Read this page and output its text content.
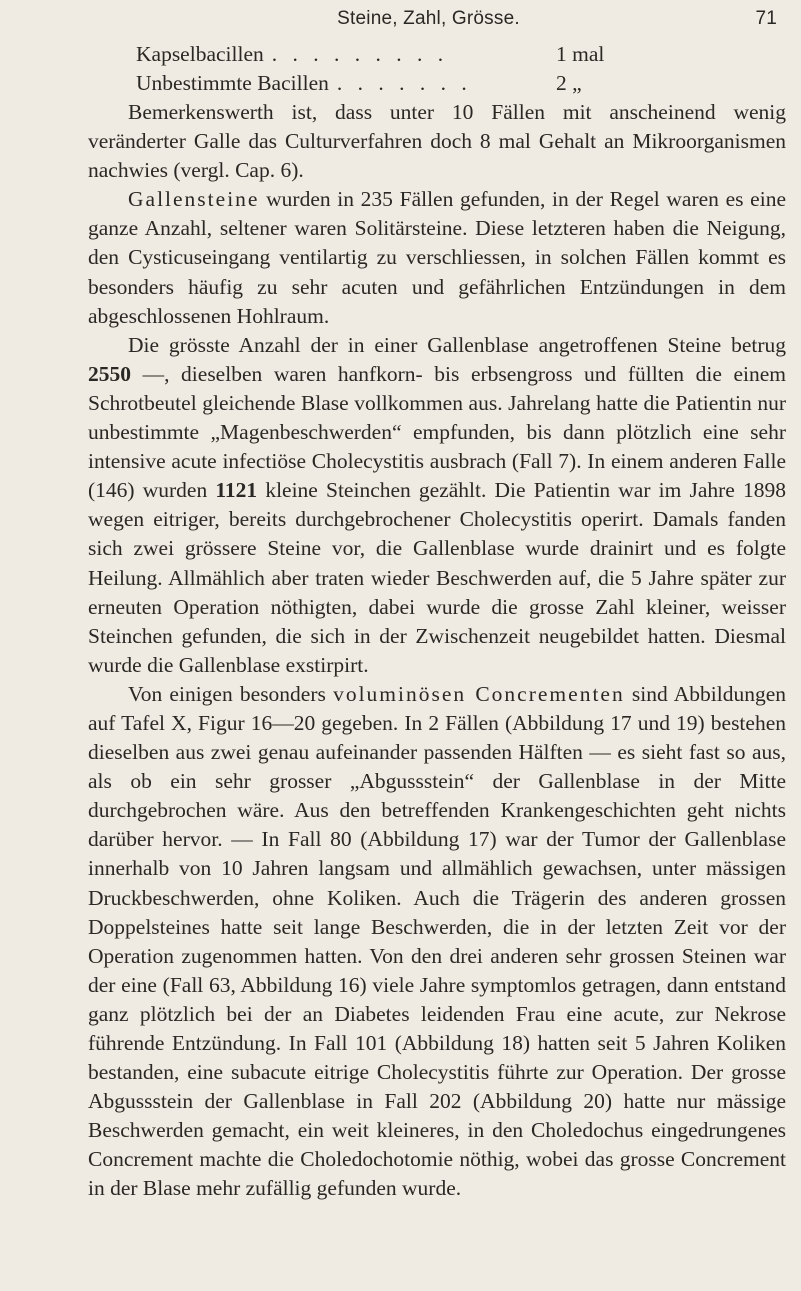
Steine, Zahl, Grösse.	71
Kapselbacillen . . . . . . . . .	1 mal
Unbestimmte Bacillen . . . . . . .	2 „

Bemerkenswerth ist, dass unter 10 Fällen mit anscheinend wenig veränderter Galle das Culturverfahren doch 8 mal Gehalt an Mikroorganismen nachwies (vergl. Cap. 6).

Gallensteine wurden in 235 Fällen gefunden, in der Regel waren es eine ganze Anzahl, seltener waren Solitärsteine. Diese letzteren haben die Neigung, den Cysticuseingang ventilartig zu verschliessen, in solchen Fällen kommt es besonders häufig zu sehr acuten und gefährlichen Entzündungen in dem abgeschlossenen Hohlraum.

Die grösste Anzahl der in einer Gallenblase angetroffenen Steine betrug 2550 —, dieselben waren hanfkorn- bis erbsengross und füllten die einem Schrotbeutel gleichende Blase vollkommen aus. Jahrelang hatte die Patientin nur unbestimmte „Magenbeschwerden“ empfunden, bis dann plötzlich eine sehr intensive acute infectiöse Cholecystitis ausbrach (Fall 7). In einem anderen Falle (146) wurden 1121 kleine Steinchen gezählt. Die Patientin war im Jahre 1898 wegen eitriger, bereits durchgebrochener Cholecystitis operirt. Damals fanden sich zwei grössere Steine vor, die Gallenblase wurde drainirt und es folgte Heilung. Allmählich aber traten wieder Beschwerden auf, die 5 Jahre später zur erneuten Operation nöthigten, dabei wurde die grosse Zahl kleiner, weisser Steinchen gefunden, die sich in der Zwischenzeit neugebildet hatten. Diesmal wurde die Gallenblase exstirpirt.

Von einigen besonders voluminösen Concrementen sind Abbildungen auf Tafel X, Figur 16—20 gegeben. In 2 Fällen (Abbildung 17 und 19) bestehen dieselben aus zwei genau aufeinander passenden Hälften — es sieht fast so aus, als ob ein sehr grosser „Abgussstein“ der Gallenblase in der Mitte durchgebrochen wäre. Aus den betreffenden Krankengeschichten geht nichts darüber hervor. — In Fall 80 (Abbildung 17) war der Tumor der Gallenblase innerhalb von 10 Jahren langsam und allmählich gewachsen, unter mässigen Druckbeschwerden, ohne Koliken. Auch die Trägerin des anderen grossen Doppelsteines hatte seit lange Beschwerden, die in der letzten Zeit vor der Operation zugenommen hatten. Von den drei anderen sehr grossen Steinen war der eine (Fall 63, Abbildung 16) viele Jahre symptomlos getragen, dann entstand ganz plötzlich bei der an Diabetes leidenden Frau eine acute, zur Nekrose führende Entzündung. In Fall 101 (Abbildung 18) hatten seit 5 Jahren Koliken bestanden, eine subacute eitrige Cholecystitis führte zur Operation. Der grosse Abgussstein der Gallenblase in Fall 202 (Abbildung 20) hatte nur mässige Beschwerden gemacht, ein weit kleineres, in den Choledochus eingedrungenes Concrement machte die Choledochotomie nöthig, wobei das grosse Concrement in der Blase mehr zufällig gefunden wurde.
